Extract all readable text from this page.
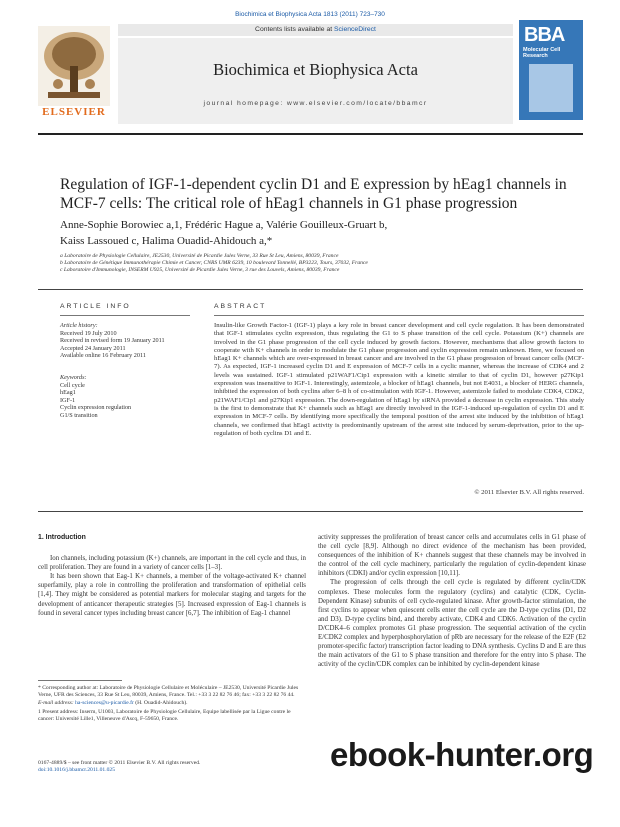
Biochimica et Biophysica Acta 1813 (2011) 723–730
ELSEVIER
Contents lists available at ScienceDirect
Biochimica et Biophysica Acta
journal homepage: www.elsevier.com/locate/bbamcr
BBA
Molecular Cell Research
Regulation of IGF-1-dependent cyclin D1 and E expression by hEag1 channels in MCF-7 cells: The critical role of hEag1 channels in G1 phase progression
Anne-Sophie Borowiec a,1, Frédéric Hague a, Valérie Gouilleux-Gruart b,
Kaiss Lassoued c, Halima Ouadid-Ahidouch a,*
a Laboratoire de Physiologie Cellulaire, JE2530, Université de Picardie Jules Verne, 33 Rue St Leu, Amiens, 80039, France
b Laboratoire de Génétique Immunothérapie Chimie et Cancer, CNRS UMR 6239, 10 boulevard Tonnellé, BP3223, Tours, 37032, France
c Laboratoire d'Immunologie, INSERM U925, Université de Picardie Jules Verne, 3 rue des Louvels, Amiens, 80039, France
ARTICLE INFO	ABSTRACT
Article history:
Received 19 July 2010
Received in revised form 19 January 2011
Accepted 24 January 2011
Available online 16 February 2011
Keywords:
Cell cycle
hEag1
IGF-1
Cyclin expression regulation
G1/S transition
Insulin-like Growth Factor-1 (IGF-1) plays a key role in breast cancer development and cell cycle regulation. It has been demonstrated that IGF-1 stimulates cyclin expression, thus regulating the G1 to S phase transition of the cell cycle. Potassium (K+) channels are involved in the G1 phase progression of the cell cycle induced by growth factors. However, mechanisms that allow growth factors to cooperate with K+ channels in order to modulate the G1 phase progression and cyclin expression remain unknown. Here, we focused on hEag1 K+ channels which are over-expressed in breast cancer and are involved in the G1 phase progression of breast cancer cells (MCF-7). As expected, IGF-1 increased cyclin D1 and E expression of MCF-7 cells in a cyclic manner, whereas the increase of CDK4 and 2 levels was sustained. IGF-1 stimulated p21WAF1/Cip1 expression with a kinetic similar to that of cyclin D1, however p27Kip1 expression was insensitive to IGF-1. Interestingly, astemizole, a blocker of hEag1 channels, but not E4031, a blocker of HERG channels, inhibited the expression of both cyclins after 6–8 h of co-stimulation with IGF-1. However, astemizole failed to modulate CDK4, CDK2, p21WAF1/Cip1 and p27Kip1 expression. The down-regulation of hEag1 by siRNA provided a decrease in cyclin expression. This study is the first to demonstrate that K+ channels such as hEag1 are directly involved in the IGF-1-induced up-regulation of cyclin D1 and E expression in MCF-7 cells. By identifying more specifically the temporal position of the arrest site induced by the inhibition of hEag1 channels, we confirmed that hEag1 activity is predominantly upstream of the arrest site induced by serum-deprivation, prior to the up-regulation of both cyclins D1 and E.
© 2011 Elsevier B.V. All rights reserved.
1. Introduction

Ion channels, including potassium (K+) channels, are important in the cell cycle and thus, in cell proliferation. They are found in a variety of cancer cells [1–3].

It has been shown that Eag-1 K+ channels, a member of the voltage-activated K+ channel superfamily, play a role in controlling the proliferation and transformation of epithelial cells [1,4]. They might be considered as potential markers for molecular staging and targets for the development of anticancer therapeutic strategies [5]. Increased expression of Eag-1 channels is found in several cancer types including breast cancer [6,7]. The inhibition of Eag-1 channel

activity suppresses the proliferation of breast cancer cells and accumulates cells in G1 phase of the cell cycle [8,9]. Although no direct evidence of the mechanism has been provided, consequences of the inhibition of K+ channels suggest that these channels may be involved in the control of the cell cycle machinery, particularly the regulation of cyclin-dependent kinase inhibitors (CDKI) and/or cyclin expression [10,11].

The progression of cells through the cell cycle is regulated by different cyclin/CDK complexes. These molecules form the regulatory (cyclins) and catalytic (CDK, Cyclin-Dependent Kinase) subunits of cell cycle-regulated kinase. After growth-factor stimulation, the first cyclins to appear when quiescent cells enter the cell cycle are the D-type cyclins (D1, D2 and D3). D-type cyclins bind, and thereby activate, CDK4 and CDK6. Activation of the cyclin D/CDK4–6 complex promotes G1 phase progression. The sequential activation of the cyclin E/CDK2 complex and hyperphosphorylation of pRb are necessary for the release of the E2F (E2 promoter-specific factor) transcription factor leading to DNA synthesis. Cyclins D and E are thus the main activators of the G1 to S phase transition and therefore for the entry into S phase. The activity of the cyclin/CDK complex can be inhibited by cyclin-dependent kinase

* Corresponding author at: Laboratoire de Physiologie Cellulaire et Moléculaire – JE2530, Université Picardie Jules Verne, UFR des Sciences, 33 Rue St Leu, 80039, Amiens, France. Tel.: +33 3 22 82 76 46; fax: +33 3 22 82 76 44.

E-mail address: ha-sciences@u-picardie.fr (H. Ouadid-Ahidouch).

1 Present address: Inserm, U1003, Laboratoire de Physiologie Cellulaire, Equipe labellisée par la Ligue contre le cancer: Université Lille1, Villeneuve d'Ascq, F-59650, France.

0167-4889/$ – see front matter © 2011 Elsevier B.V. All rights reserved.
doi:10.1016/j.bbamcr.2011.01.025	ebook-hunter.org
